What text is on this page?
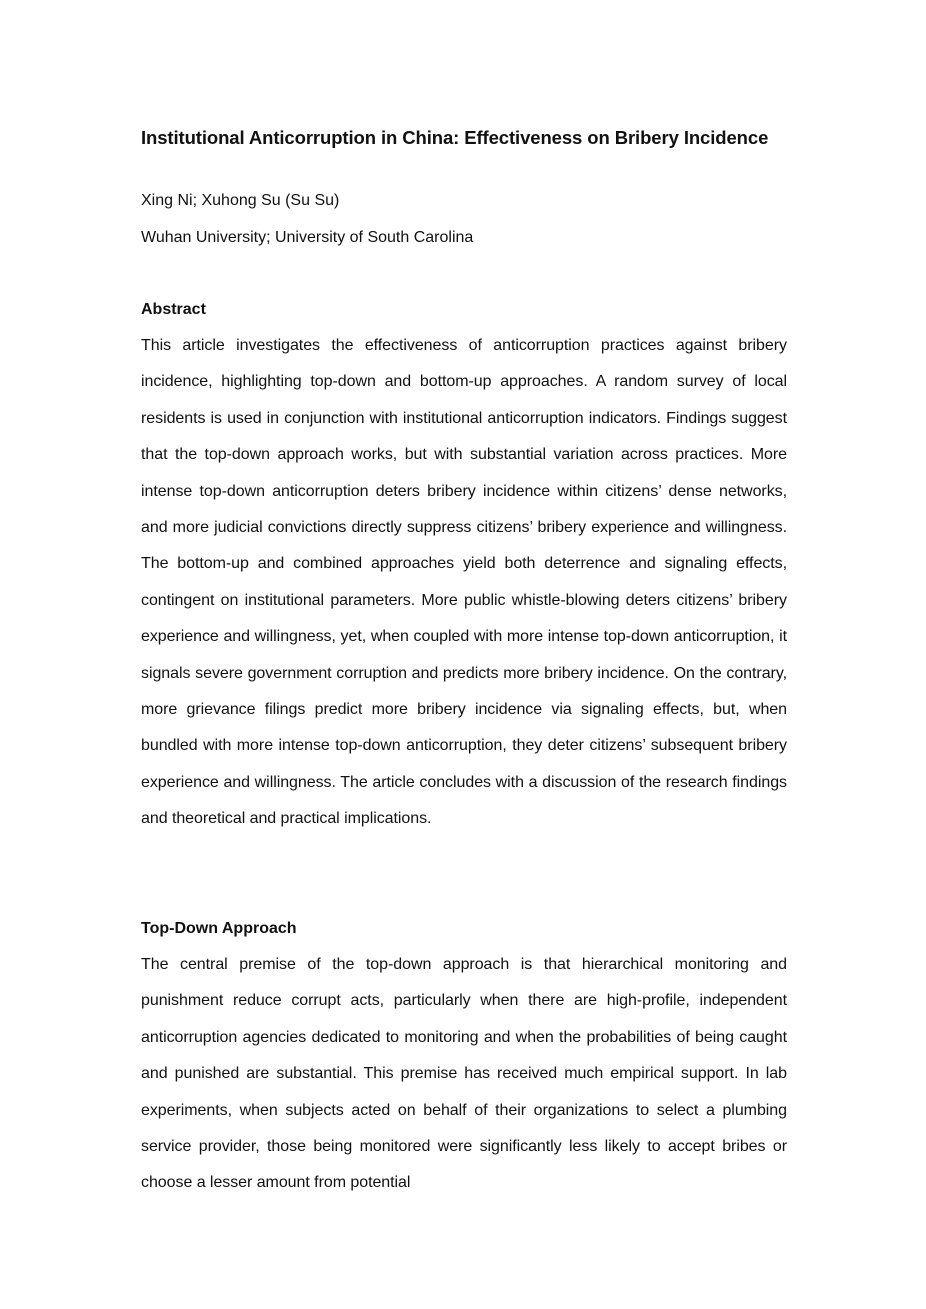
Institutional Anticorruption in China: Effectiveness on Bribery Incidence
Xing Ni; Xuhong Su (Su Su)
Wuhan University; University of South Carolina
Abstract
This article investigates the effectiveness of anticorruption practices against bribery incidence, highlighting top-down and bottom-up approaches. A random survey of local residents is used in conjunction with institutional anticorruption indicators. Findings suggest that the top-down approach works, but with substantial variation across practices. More intense top-down anticorruption deters bribery incidence within citizens’ dense networks, and more judicial convictions directly suppress citizens’ bribery experience and willingness. The bottom-up and combined approaches yield both deterrence and signaling effects, contingent on institutional parameters. More public whistle-blowing deters citizens’ bribery experience and willingness, yet, when coupled with more intense top-down anticorruption, it signals severe government corruption and predicts more bribery incidence. On the contrary, more grievance filings predict more bribery incidence via signaling effects, but, when bundled with more intense top-down anticorruption, they deter citizens’ subsequent bribery experience and willingness. The article concludes with a discussion of the research findings and theoretical and practical implications.
Top-Down Approach
The central premise of the top-down approach is that hierarchical monitoring and punishment reduce corrupt acts, particularly when there are high-profile, independent anticorruption agencies dedicated to monitoring and when the probabilities of being caught and punished are substantial. This premise has received much empirical support. In lab experiments, when subjects acted on behalf of their organizations to select a plumbing service provider, those being monitored were significantly less likely to accept bribes or choose a lesser amount from potential
